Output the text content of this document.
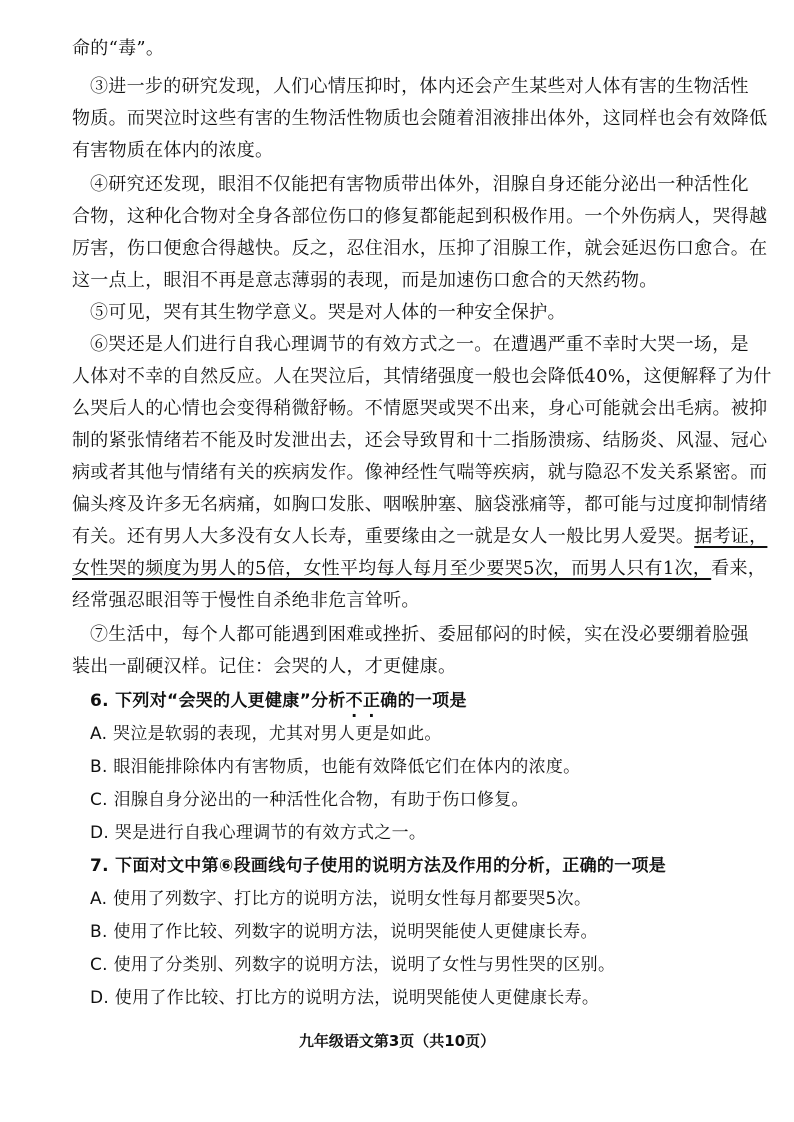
命的“毒”。
③进一步的研究发现，人们心情压抑时，体内还会产生某些对人体有害的生物活性
物质。而哭泣时这些有害的生物活性物质也会随着泪液排出体外，这同样也会有效降低
有害物质在体内的浓度。
④研究还发现，眼泪不仅能把有害物质带出体外，泪腺自身还能分泌出一种活性化
合物，这种化合物对全身各部位伤口的修复都能起到积极作用。一个外伤病人，哭得越
厉害，伤口便愈合得越快。反之，忍住泪水，压抑了泪腺工作，就会延迟伤口愈合。在
这一点上，眼泪不再是意志薄弱的表现，而是加速伤口愈合的天然药物。
⑤可见，哭有其生物学意义。哭是对人体的一种安全保护。
⑥哭还是人们进行自我心理调节的有效方式之一。在遭遇严重不幸时大哭一场，是
人体对不幸的自然反应。人在哭泣后，其情绪强度一般也会降低40%，这便解释了为什
么哭后人的心情也会变得稍微舒畅。不情愿哭或哭不出来，身心可能就会出毛病。被抑
制的紧张情绪若不能及时发泄出去，还会导致胃和十二指肠溃疡、结肠炎、风湿、冠心
病或者其他与情绪有关的疾病发作。像神经性气喘等疾病，就与隐忍不发关系紧密。而
偏头疼及许多无名病痛，如胸口发胀、咽喉肿塞、脑袋涨痛等，都可能与过度抑制情绪
有关。还有男人大多没有女人长寿，重要缘由之一就是女人一般比男人爱哭。据考证，
女性哭的频度为男人的5倍，女性平均每人每月至少要哭5次，而男人只有1次，看来，
经常强忍眼泪等于慢性自杀绝非危言耸听。
⑦生活中，每个人都可能遇到困难或挫折、委屈郁闷的时候，实在没必要绷着脸强
装出一副硬汉样。记住：会哭的人，才更健康。
6. 下列对“会哭的人更健康”分析不正确的一项是
A. 哭泣是软弱的表现，尤其对男人更是如此。
B. 眼泪能排除体内有害物质，也能有效降低它们在体内的浓度。
C. 泪腺自身分泌出的一种活性化合物，有助于伤口修复。
D. 哭是进行自我心理调节的有效方式之一。
7. 下面对文中第⑥段画线句子使用的说明方法及作用的分析，正确的一项是
A. 使用了列数字、打比方的说明方法，说明女性每月都要哭5次。
B. 使用了作比较、列数字的说明方法，说明哭能使人更健康长寿。
C. 使用了分类别、列数字的说明方法，说明了女性与男性哭的区别。
D. 使用了作比较、打比方的说明方法，说明哭能使人更健康长寿。
九年级语文第3页（共10页）
